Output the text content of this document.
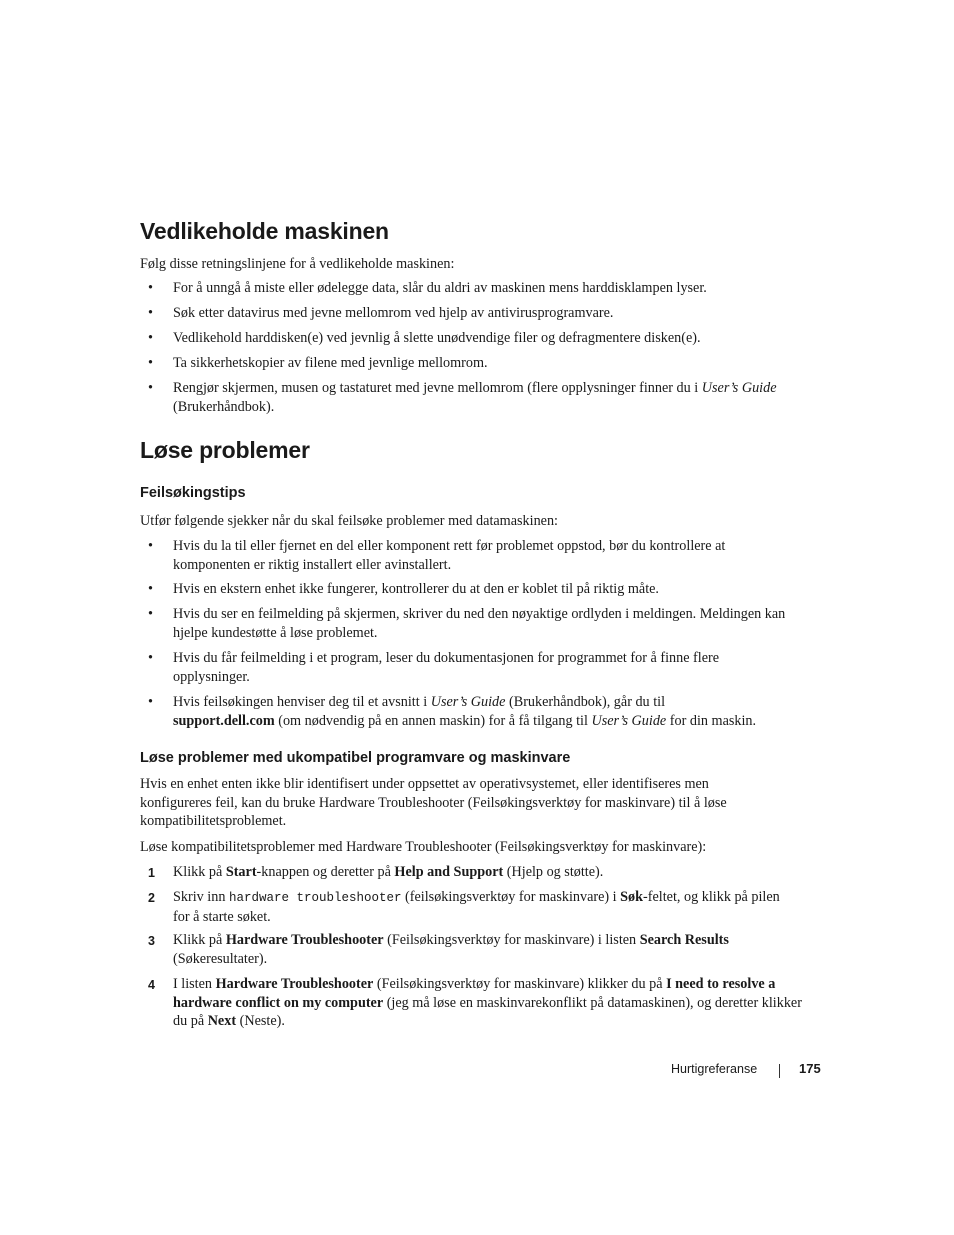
Vedlikeholde maskinen

Følg disse retningslinjene for å vedlikeholde maskinen:

•	For å unngå å miste eller ødelegge data, slår du aldri av maskinen mens harddisklampen lyser.
•	Søk etter datavirus med jevne mellomrom ved hjelp av antivirusprogramvare.
•	Vedlikehold harddisken(e) ved jevnlig å slette unødvendige filer og defragmentere disken(e).
•	Ta sikkerhetskopier av filene med jevnlige mellomrom.
•	Rengjør skjermen, musen og tastaturet med jevne mellomrom (flere opplysninger finner du i User’s Guide (Brukerhåndbok).
Løse problemer
Feilsøkingstips

Utfør følgende sjekker når du skal feilsøke problemer med datamaskinen:

•	Hvis du la til eller fjernet en del eller komponent rett før problemet oppstod, bør du kontrollere at komponenten er riktig installert eller avinstallert.
•	Hvis en ekstern enhet ikke fungerer, kontrollerer du at den er koblet til på riktig måte.
•	Hvis du ser en feilmelding på skjermen, skriver du ned den nøyaktige ordlyden i meldingen. Meldingen kan hjelpe kundestøtte å løse problemet.
•	Hvis du får feilmelding i et program, leser du dokumentasjonen for programmet for å finne flere opplysninger.
•	Hvis feilsøkingen henviser deg til et avsnitt i User’s Guide (Brukerhåndbok), går du til
support.dell.com (om nødvendig på en annen maskin) for å få tilgang til User’s Guide for din maskin.
Løse problemer med ukompatibel programvare og maskinvare

Hvis en enhet enten ikke blir identifisert under oppsettet av operativsystemet, eller identifiseres men konfigureres feil, kan du bruke Hardware Troubleshooter (Feilsøkingsverktøy for maskinvare) til å løse kompatibilitetsproblemet.

Løse kompatibilitetsproblemer med Hardware Troubleshooter (Feilsøkingsverktøy for maskinvare):

1	Klikk på Start-knappen og deretter på Help and Support (Hjelp og støtte).
2	Skriv inn hardware troubleshooter (feilsøkingsverktøy for maskinvare) i Søk-feltet, og klikk på pilen for å starte søket.
3	Klikk på Hardware Troubleshooter (Feilsøkingsverktøy for maskinvare) i listen Search Results (Søkeresultater).
4	I listen Hardware Troubleshooter (Feilsøkingsverktøy for maskinvare) klikker du på I need to resolve a hardware conflict on my computer (jeg må løse en maskinvarekonflikt på datamaskinen), og deretter klikker du på Next (Neste).
Hurtigreferanse	175
